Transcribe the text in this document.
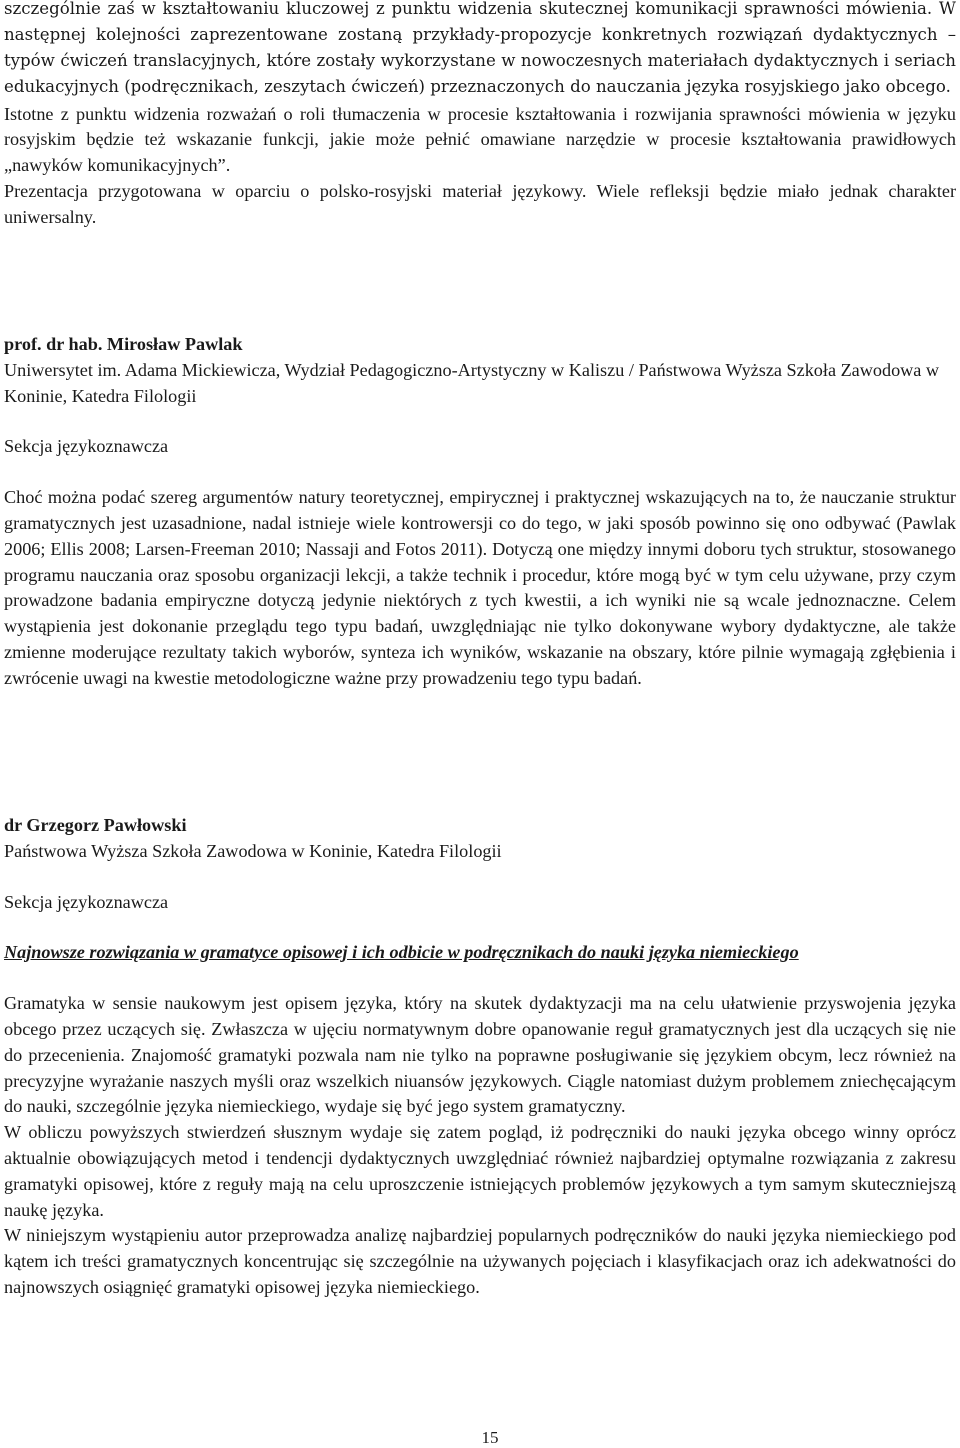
szczególnie zaś w kształtowaniu kluczowej z punktu widzenia skutecznej komunikacji sprawności mówienia. W następnej kolejności zaprezentowane zostaną przykłady-propozycje konkretnych rozwiązań dydaktycznych – typów ćwiczeń translacyjnych, które zostały wykorzystane w nowoczesnych materiałach dydaktycznych i seriach edukacyjnych (podręcznikach, zeszytach ćwiczeń) przeznaczonych do nauczania języka rosyjskiego jako obcego.

Istotne z punktu widzenia rozważań o roli tłumaczenia w procesie kształtowania i rozwijania sprawności mówienia w języku rosyjskim będzie też wskazanie funkcji, jakie może pełnić omawiane narzędzie w procesie kształtowania prawidłowych „nawyków komunikacyjnych”.

Prezentacja przygotowana w oparciu o polsko-rosyjski materiał językowy. Wiele refleksji będzie miało jednak charakter uniwersalny.

prof. dr hab. Mirosław Pawlak

Uniwersytet im. Adama Mickiewicza, Wydział Pedagogiczno-Artystyczny w Kaliszu / Państwowa Wyższa Szkoła Zawodowa w Koninie, Katedra Filologii

Sekcja językoznawcza

Choć można podać szereg argumentów natury teoretycznej, empirycznej i praktycznej wskazujących na to, że nauczanie struktur gramatycznych jest uzasadnione, nadal istnieje wiele kontrowersji co do tego, w jaki sposób powinno się ono odbywać (Pawlak 2006; Ellis 2008; Larsen-Freeman 2010; Nassaji and Fotos 2011). Dotyczą one między innymi doboru tych struktur, stosowanego programu nauczania oraz sposobu organizacji lekcji, a także technik i procedur, które mogą być w tym celu używane, przy czym prowadzone badania empiryczne dotyczą jedynie niektórych z tych kwestii, a ich wyniki nie są wcale jednoznaczne. Celem wystąpienia jest dokonanie przeglądu tego typu badań, uwzględniając nie tylko dokonywane wybory dydaktyczne, ale także zmienne moderujące rezultaty takich wyborów, synteza ich wyników, wskazanie na obszary, które pilnie wymagają zgłębienia i zwrócenie uwagi na kwestie metodologiczne ważne przy prowadzeniu tego typu badań.

dr Grzegorz Pawłowski

Państwowa Wyższa Szkoła Zawodowa w Koninie, Katedra Filologii

Sekcja językoznawcza

Najnowsze rozwiązania w gramatyce opisowej i ich odbicie w podręcznikach do nauki języka niemieckiego

Gramatyka w sensie naukowym jest opisem języka, który na skutek dydaktyzacji ma na celu ułatwienie przyswojenia języka obcego przez uczących się. Zwłaszcza w ujęciu normatywnym dobre opanowanie reguł gramatycznych jest dla uczących się nie do przecenienia. Znajomość gramatyki pozwala nam nie tylko na poprawne posługiwanie się językiem obcym, lecz również na precyzyjne wyrażanie naszych myśli oraz wszelkich niuansów językowych. Ciągle natomiast dużym problemem zniechęcającym do nauki, szczególnie języka niemieckiego, wydaje się być jego system gramatyczny.

W obliczu powyższych stwierdzeń słusznym wydaje się zatem pogląd, iż podręczniki do nauki języka obcego winny oprócz aktualnie obowiązujących metod i tendencji dydaktycznych uwzględniać również najbardziej optymalne rozwiązania z zakresu gramatyki opisowej, które z reguły mają na celu uproszczenie istniejących problemów językowych a tym samym skuteczniejszą naukę języka.

W niniejszym wystąpieniu autor przeprowadza analizę najbardziej popularnych podręczników do nauki języka niemieckiego pod kątem ich treści gramatycznych koncentrując się szczególnie na używanych pojęciach i klasyfikacjach oraz ich adekwatności do najnowszych osiągnięć gramatyki opisowej języka niemieckiego.

15
